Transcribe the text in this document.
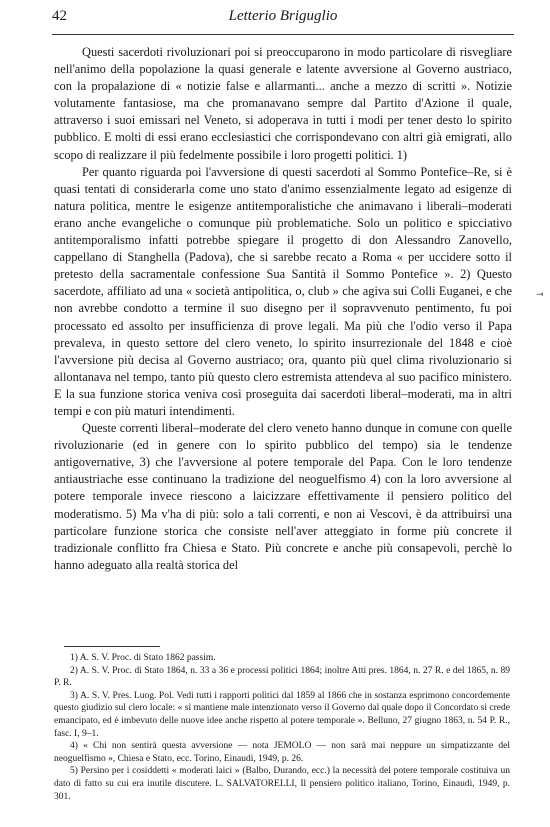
42	Letterio Briguglio
⇥

Questi sacerdoti rivoluzionari poi si preoccuparono in modo particolare di risvegliare nell'animo della popolazione la quasi generale e latente avversione al Governo austriaco, con la propalazione di « notizie false e allarmanti... anche a mezzo di scritti ». Notizie volutamente fantasiose, ma che promanavano sempre dal Partito d'Azione il quale, attraverso i suoi emissari nel Veneto, si adoperava in tutti i modi per tener desto lo spirito pubblico. E molti di essi erano ecclesiastici che corrispondevano con altri già emigrati, allo scopo di realizzare il più fedelmente possibile i loro progetti politici. 1)

Per quanto riguarda poi l'avversione di questi sacerdoti al Sommo Pontefice–Re, si è quasi tentati di considerarla come uno stato d'animo essenzialmente legato ad esigenze di natura politica, mentre le esigenze antitemporalistiche che animavano i liberali–moderati erano anche evangeliche o comunque più problematiche. Solo un politico e spicciativo antitemporalismo infatti potrebbe spiegare il progetto di don Alessandro Zanovello, cappellano di Stanghella (Padova), che si sarebbe recato a Roma « per uccidere sotto il pretesto della sacramentale confessione Sua Santità il Sommo Pontefice ». 2) Questo sacerdote, affiliato ad una « società antipolitica, o, club » che agiva sui Colli Euganei, e che non avrebbe condotto a termine il suo disegno per il sopravvenuto pentimento, fu poi processato ed assolto per insufficienza di prove legali. Ma più che l'odio verso il Papa prevaleva, in questo settore del clero veneto, lo spirito insurrezionale del 1848 e cioè l'avversione più decisa al Governo austriaco; ora, quanto più quel clima rivoluzionario si allontanava nel tempo, tanto più questo clero estremista attendeva al suo pacifico ministero. E la sua funzione storica veniva così proseguita dai sacerdoti liberal–moderati, ma in altri tempi e con più maturi intendimenti.

Queste correnti liberal–moderate del clero veneto hanno dunque in comune con quelle rivoluzionarie (ed in genere con lo spirito pubblico del tempo) sia le tendenze antigovernative, 3) che l'avversione al potere temporale del Papa. Con le loro tendenze antiaustriache esse continuano la tradizione del neoguelfismo 4) con la loro avversione al potere temporale invece riescono a laicizzare effettivamente il pensiero politico del moderatismo. 5) Ma v'ha di più: solo a tali correnti, e non ai Vescovi, è da attribuirsi una particolare funzione storica che consiste nell'aver atteggiato in forme più concrete il tradizionale conflitto fra Chiesa e Stato. Più concrete e anche più consapevoli, perchè lo hanno adeguato alla realtà storica del

1) A. S. V. Proc. di Stato 1862 passim.

2) A. S. V. Proc. di Stato 1864, n. 33 a 36 e processi politici 1864; inoltre Atti pres. 1864, n. 27 R. e del 1865, n. 89 P. R.

3) A. S. V. Pres. Luog. Pol. Vedi tutti i rapporti politici dal 1859 al 1866 che in sostanza esprimono concordemente questo giudizio sul clero locale: « si mantiene male intenzionato verso il Governo dal quale dopo il Concordato si crede emancipato, ed è imbevuto delle nuove idee anche rispetto al potere temporale ». Belluno, 27 giugno 1863, n. 54 P. R., fasc. I, 9–1.

4) « Chi non sentirà questa avversione — nota JEMOLO — non sarà mai neppure un simpatizzante del neoguelfismo », Chiesa e Stato, ecc. Torino, Einaudi, 1949, p. 26.

5) Persino per i cosiddetti « moderati laici » (Balbo, Durando, ecc.) la necessità del potere temporale costituiva un dato di fatto su cui era inutile discutere. L. SALVATORELLI, Il pensiero politico italiano, Torino, Einaudi, 1949, p. 301.
